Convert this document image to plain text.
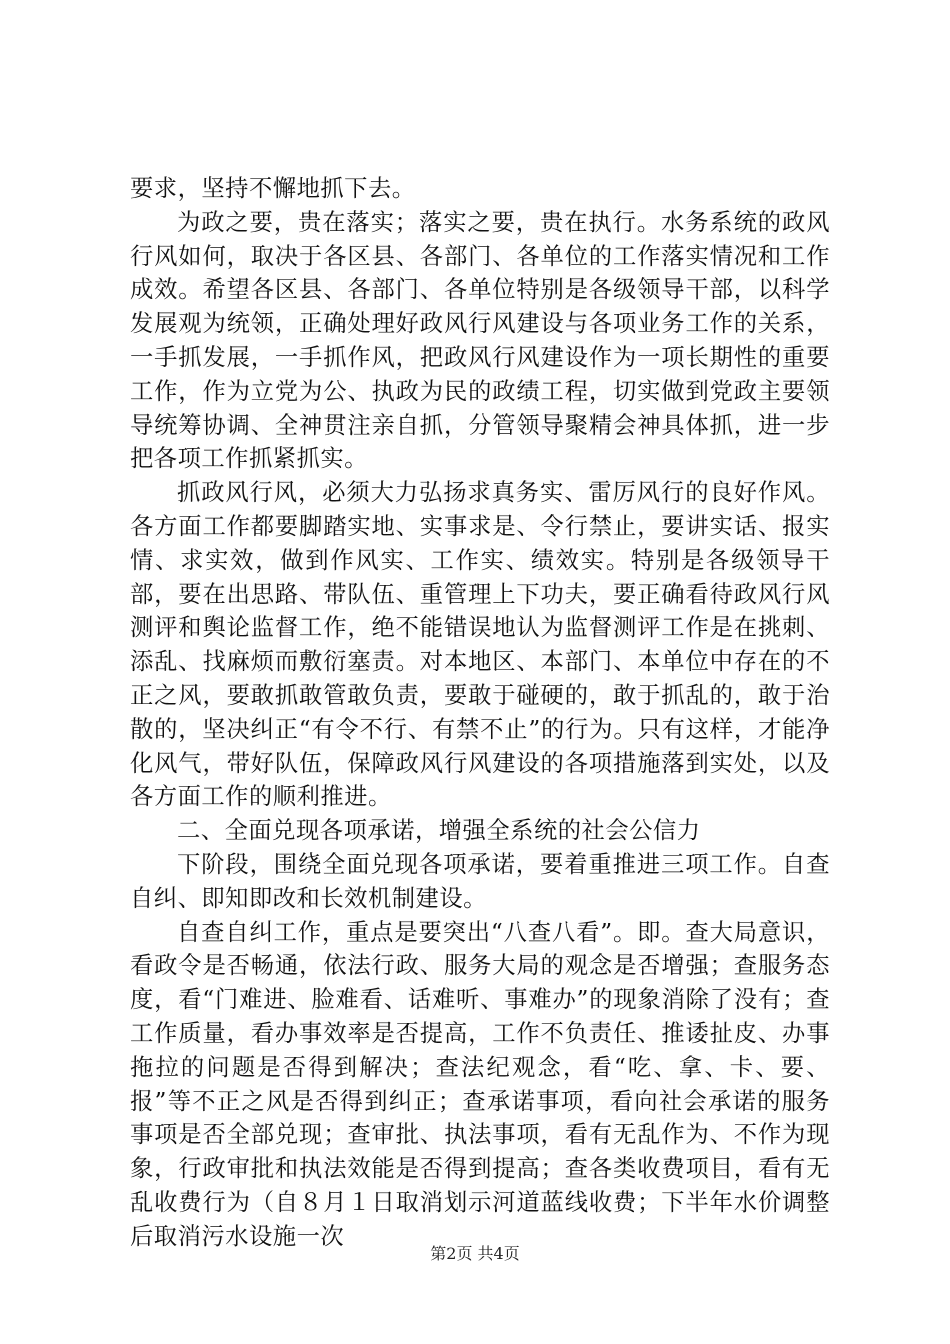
要求，坚持不懈地抓下去。

为政之要，贵在落实；落实之要，贵在执行。水务系统的政风行风如何，取决于各区县、各部门、各单位的工作落实情况和工作成效。希望各区县、各部门、各单位特别是各级领导干部，以科学发展观为统领，正确处理好政风行风建设与各项业务工作的关系，一手抓发展，一手抓作风，把政风行风建设作为一项长期性的重要工作，作为立党为公、执政为民的政绩工程，切实做到党政主要领导统筹协调、全神贯注亲自抓，分管领导聚精会神具体抓，进一步把各项工作抓紧抓实。

抓政风行风，必须大力弘扬求真务实、雷厉风行的良好作风。各方面工作都要脚踏实地、实事求是、令行禁止，要讲实话、报实情、求实效，做到作风实、工作实、绩效实。特别是各级领导干部，要在出思路、带队伍、重管理上下功夫，要正确看待政风行风测评和舆论监督工作，绝不能错误地认为监督测评工作是在挑刺、添乱、找麻烦而敷衍塞责。对本地区、本部门、本单位中存在的不正之风，要敢抓敢管敢负责，要敢于碰硬的，敢于抓乱的，敢于治散的，坚决纠正“有令不行、有禁不止”的行为。只有这样，才能净化风气，带好队伍，保障政风行风建设的各项措施落到实处，以及各方面工作的顺利推进。

二、全面兑现各项承诺，增强全系统的社会公信力

下阶段，围绕全面兑现各项承诺，要着重推进三项工作。自查自纠、即知即改和长效机制建设。

自查自纠工作，重点是要突出“八查八看”。即。查大局意识，看政令是否畅通，依法行政、服务大局的观念是否增强；查服务态度，看“门难进、脸难看、话难听、事难办”的现象消除了没有；查工作质量，看办事效率是否提高，工作不负责任、推诿扯皮、办事拖拉的问题是否得到解决；查法纪观念，看“吃、拿、卡、要、报”等不正之风是否得到纠正；查承诺事项，看向社会承诺的服务事项是否全部兑现；查审批、执法事项，看有无乱作为、不作为现象，行政审批和执法效能是否得到提高；查各类收费项目，看有无乱收费行为（自８月１日取消划示河道蓝线收费；下半年水价调整后取消污水设施一次

第2页 共4页
